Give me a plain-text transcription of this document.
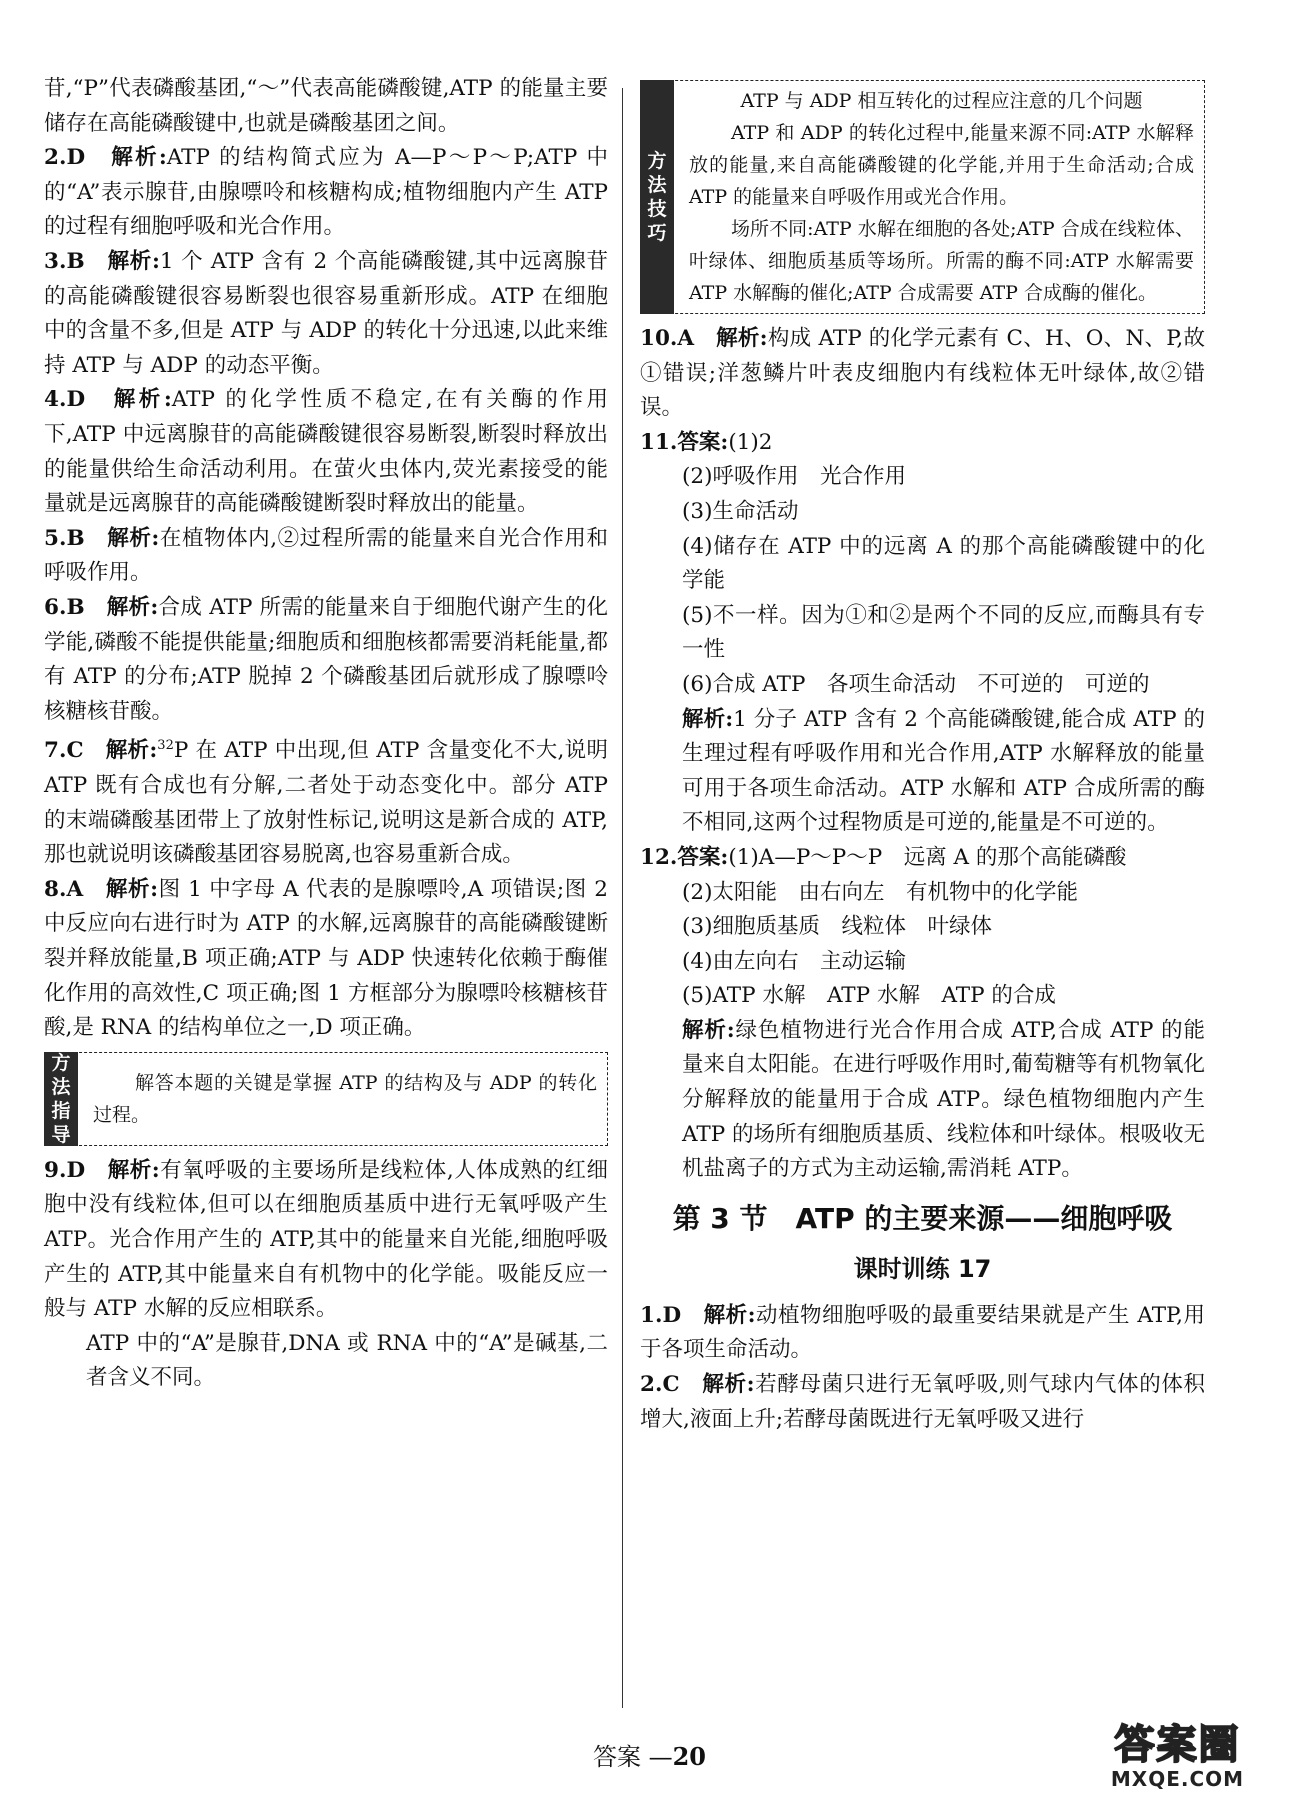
苷,“P”代表磷酸基团,“～”代表高能磷酸键,ATP 的能量主要储存在高能磷酸键中,也就是磷酸基团之间。

2.D　 解析:ATP 的结构简式应为 A—P～P～P;ATP 中的“A”表示腺苷,由腺嘌呤和核糖构成;植物细胞内产生 ATP 的过程有细胞呼吸和光合作用。

3.B　 解析:1 个 ATP 含有 2 个高能磷酸键,其中远离腺苷的高能磷酸键很容易断裂也很容易重新形成。ATP 在细胞中的含量不多,但是 ATP 与 ADP 的转化十分迅速,以此来维持 ATP 与 ADP 的动态平衡。

4.D　 解析:ATP 的化学性质不稳定,在有关酶的作用下,ATP 中远离腺苷的高能磷酸键很容易断裂,断裂时释放出的能量供给生命活动利用。在萤火虫体内,荧光素接受的能量就是远离腺苷的高能磷酸键断裂时释放出的能量。

5.B　 解析:在植物体内,②过程所需的能量来自光合作用和呼吸作用。

6.B　 解析:合成 ATP 所需的能量来自于细胞代谢产生的化学能,磷酸不能提供能量;细胞质和细胞核都需要消耗能量,都有 ATP 的分布;ATP 脱掉 2 个磷酸基团后就形成了腺嘌呤核糖核苷酸。

7.C　 解析:$^{32}$P 在 ATP 中出现,但 ATP 含量变化不大,说明 ATP 既有合成也有分解,二者处于动态变化中。部分 ATP 的末端磷酸基团带上了放射性标记,说明这是新合成的 ATP,那也就说明该磷酸基团容易脱离,也容易重新合成。

8.A　 解析:图 1 中字母 A 代表的是腺嘌呤,A 项错误;图 2 中反应向右进行时为 ATP 的水解,远离腺苷的高能磷酸键断裂并释放能量,B 项正确;ATP 与 ADP 快速转化依赖于酶催化作用的高效性,C 项正确;图 1 方框部分为腺嘌呤核糖核苷酸,是 RNA 的结构单位之一,D 项正确。

方
法
指
导

解答本题的关键是掌握 ATP 的结构及与 ADP 的转化过程。

9.D　 解析:有氧呼吸的主要场所是线粒体,人体成熟的红细胞中没有线粒体,但可以在细胞质基质中进行无氧呼吸产生 ATP。光合作用产生的 ATP,其中的能量来自光能,细胞呼吸产生的 ATP,其中能量来自有机物中的化学能。吸能反应一般与 ATP 水解的反应相联系。

ATP 中的“A”是腺苷,DNA 或 RNA 中的“A”是碱基,二者含义不同。

方
法
技
巧

ATP 与 ADP 相互转化的过程应注意的几个问题

ATP 和 ADP 的转化过程中,能量来源不同:ATP 水解释放的能量,来自高能磷酸键的化学能,并用于生命活动;合成 ATP 的能量来自呼吸作用或光合作用。

场所不同:ATP 水解在细胞的各处;ATP 合成在线粒体、叶绿体、细胞质基质等场所。所需的酶不同:ATP 水解需要 ATP 水解酶的催化;ATP 合成需要 ATP 合成酶的催化。

10.A　 解析:构成 ATP 的化学元素有 C、H、O、N、P,故①错误;洋葱鳞片叶表皮细胞内有线粒体无叶绿体,故②错误。

11.答案:(1)2

(2)呼吸作用　光合作用

(3)生命活动

(4)储存在 ATP 中的远离 A 的那个高能磷酸键中的化学能

(5)不一样。因为①和②是两个不同的反应,而酶具有专一性

(6)合成 ATP　各项生命活动　不可逆的　可逆的

解析:1 分子 ATP 含有 2 个高能磷酸键,能合成 ATP 的生理过程有呼吸作用和光合作用,ATP 水解释放的能量可用于各项生命活动。ATP 水解和 ATP 合成所需的酶不相同,这两个过程物质是可逆的,能量是不可逆的。

12.答案:(1)A—P～P～P　远离 A 的那个高能磷酸

(2)太阳能　由右向左　有机物中的化学能

(3)细胞质基质　线粒体　叶绿体

(4)由左向右　主动运输

(5)ATP 水解　ATP 水解　ATP 的合成

解析:绿色植物进行光合作用合成 ATP,合成 ATP 的能量来自太阳能。在进行呼吸作用时,葡萄糖等有机物氧化分解释放的能量用于合成 ATP。绿色植物细胞内产生 ATP 的场所有细胞质基质、线粒体和叶绿体。根吸收无机盐离子的方式为主动运输,需消耗 ATP。

第 3 节　ATP 的主要来源——细胞呼吸
课时训练 17

1.D　 解析:动植物细胞呼吸的最重要结果就是产生 ATP,用于各项生命活动。

2.C　 解析:若酵母菌只进行无氧呼吸,则气球内气体的体积增大,液面上升;若酵母菌既进行无氧呼吸又进行

答案 —20	答案圈
MXQE.COM
